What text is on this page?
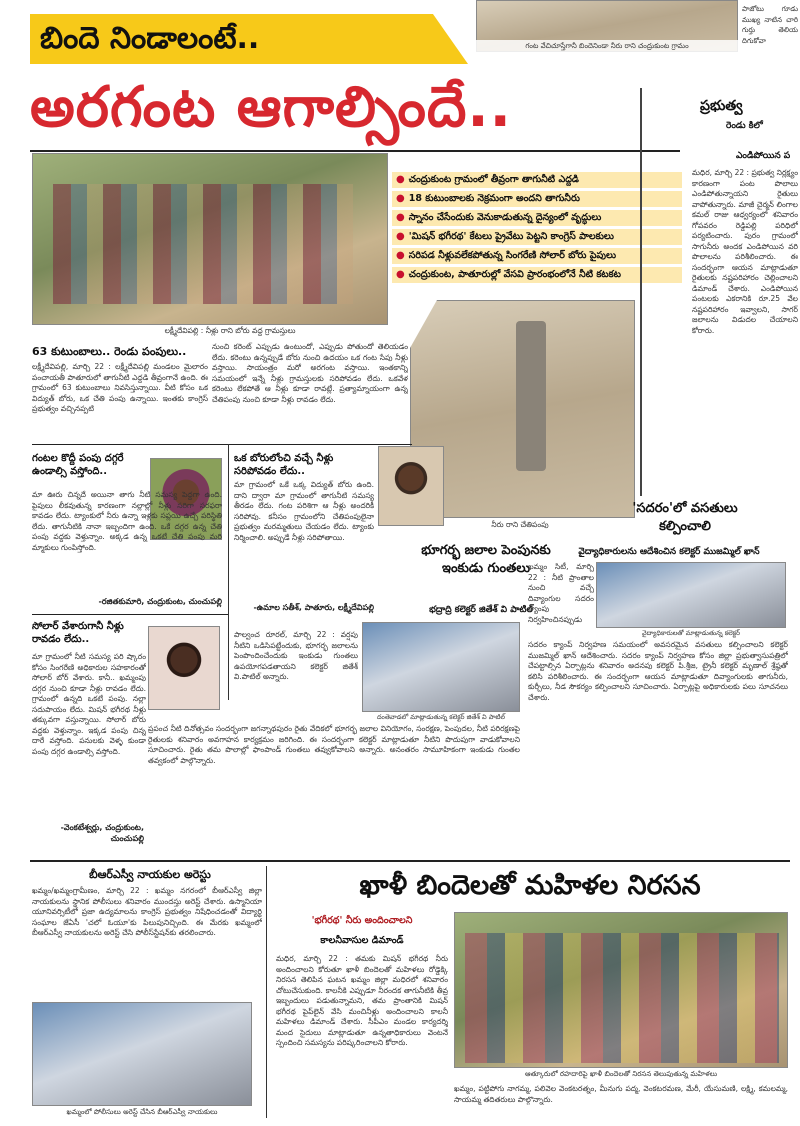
బిందె నిండాలంటే..	గంట వేచిచూస్తేగానీ బిందెనిండా నీరు రాని చంద్రుకుంట గ్రామం
పాజోటు గూడు ముఖ్య నాటిన చారి గుర్తు తెలియ దిగుకోవా
అరగంట ఆగాల్సిందే..
లక్ష్మీదేవిపల్లి : నీళ్లు రాని బోరు వద్ద గ్రామస్తులు
● చంద్రుకుంట గ్రామంలో తీవ్రంగా తాగునీటి ఎద్దడి
● 18 కుటుంబాలకు నెక్రమంగా అందని తాగునీరు
● స్నానం చేసేందుకు వెనుకాడుతున్న దైన్యంలో వృద్ధులు
● 'మిషన్ భగీరథ' కేటలు ప్రైవేటు పెట్టని కాంగ్రెస్ పాలకులు
● సరిపడ నీళ్లువలేకపోతున్న సింగరేణి సోలార్ బోరు పైపులు
● చంద్రుకుంట, పాతూరుల్లో వేసవి ప్రారంభంలోనే నీటి కటకట
63 కుటుంబాలు.. రెండు పంపులు..
లక్ష్మీదేవిపల్లి, మార్చి 22 : లక్ష్మీదేవిపల్లి మండలం మైలారం పంచాయతీ పాతూరులో తాగునీటి ఎద్దడి తీవ్రంగానే ఉంది. ఈ గ్రామంలో 63 కుటుంబాలు నివసిస్తున్నాయి. వీటి కోసం ఒక విద్యుత్ బోరు, ఒక చేతి పంపు ఉన్నాయి. ఇంతకు కాంగ్రెస్ ప్రభుత్వం వచ్చినప్పటి
నుంచి కరెంట్ ఎప్పుడు ఉంటుందో, ఎప్పుడు పోతుందో తెలియడం లేదు. కరెంటు ఉన్నప్పుడే బోరు నుంచి ఉదయం ఒక గంట సేపు నీళ్లు వస్తాయి. సాయంత్రం మరో అరగంట వస్తాయి. ఇంతకాన్ని సమయంలో ఇన్నే నీళ్లు గ్రామస్తులకు సరిపోవడం లేదు. ఒకవేళ కరెంటు లేకపోతే ఆ నీళ్లు కూడా రావట్లే. ప్రత్యామ్నాయంగా ఉన్న చేతిపంపు నుంచి కూడా నీళ్లు రావడం లేదు.
నీరు రాని చేతిపంపు
గంటల కొద్దీ పంపు దగ్గరే ఉండాల్సి వస్తోంది..
మా ఊరు చిన్నదే అయినా తాగు నీటి సమస్య పెద్దగా ఉంది. పైపులు లీకవుతున్న కారణంగా నల్లాల్లో నీళ్లు సరిగా సరఫరా కావడం లేదు. ట్యాంకులో నీరు ఉన్నా ఇళ్లకు సప్లయి ఉచ్చే పరిస్థితి లేదు. తాగునీటికి నానా ఇబ్బందిగా ఉంది. ఒకే దగ్గర ఉన్న చేతి పంపు వద్దకు వెళ్తున్నాం. అక్కడ ఉన్న ఒకటే చేతి పంపు మరి మ్మాకులు గుంపిస్తోంది.
-రజితకుమారి, చంద్రుకుంట, చుంచుపల్లి
ఒక బోరులోంచి వచ్చే నీళ్లు సరిపోవడం లేదు..
మా గ్రామంలో ఒకే ఒక్క విద్యుత్ బోరు ఉంది. దాని ద్వారా మా గ్రామంలో తాగునీటి సమస్య తీరడం లేదు. గంట పరిశిగా ఆ నీళ్లు అందరికీ సరిపోవు. కనీసం గ్రామంలోని చేతిపంపులైనా ప్రభుత్వం మరమ్మతులు చేయడం లేదు. ట్యాంకు నిర్మించాలి. అప్పుడే నీళ్లు సరిపోతాయి.
-ఉమాల సతీశ్, పాతూరు, లక్ష్మీదేవిపల్లి
సోలార్ వేశారుగానీ నీళ్లు రావడం లేదు..
మా గ్రామంలో నీటి సమస్య పరి ష్కారం కోసం సింగరేణి అధికారుల సహకారంతో సోలార్ బోర్ వేశారు. కానీ.. ఖమ్మంపు దగ్గర నుంచి కూడా నీళ్లు రావడం లేదు. గ్రామంలో ఉన్నది ఒకటే పంపు. నల్లా సదుపాయం లేదు. మిషన్ భగీరథ నీళ్లు తక్కువగా వస్తున్నాయి. సోలార్ బోరు వద్దకు వెళ్తున్నాం. ఇక్కడ పంపు చిన్న దారే వస్తోంది. పనులకు వెళ్ళ కుండా పంపు దగ్గర ఉండాల్సి వస్తోంది.
-వెంకటేశ్వర్లు, చంద్రుకుంట, చుంచుపల్లి
భూగర్భ జలాల పెంపునకు ఇంకుడు గుంతలు
భద్రాద్రి కలెక్టర్ జితేశ్ వి పాటిల్
దంతెవాడలో మాట్లాడుతున్న కలెక్టర్ జితేశ్ వి పాటిల్
పాల్వంచ రూరల్, మార్చి 22 : వర్షపు నీటిని ఒడిసిపట్టేందుకు, భూగర్భ జలాలను పెంపొందించేందుకు ఇంకుడు గుంతలు ఉపయోగపడతాయని కలెక్టర్ జితేశ్ వి.పాటిల్ అన్నారు.
ప్రపంచ నీటి దినోత్సవం సందర్భంగా జగన్నాథపురం రైతు వేదికలో భూగర్భ జలాల వినియోగం, సంరక్షణ, పెంపుదల, నీటి పరిరక్షణపై రైతులకు శనివారం అవగాహన కార్యక్రమం జరిగింది. ఈ సందర్భంగా కలెక్టర్ మాట్లాడుతూ నీటిని పొదుపుగా వాడుకోవాలని సూచించారు. రైతు తమ పొలాల్లో ఫాంపాండ్ గుంతలు తవ్వుకోవాలని అన్నారు. అనంతరం సామూహికంగా ఇంకుడు గుంతల తవ్వకంలో పాల్గొన్నారు.
'సదరం'లో వసతులు కల్పించాలి
వైద్యాధికారులను ఆదేశించిన కలెక్టర్ ముజమ్మిల్ ఖాన్
ఖమ్మం సిటీ, మార్చి 22 : నీటి ప్రాంతాల నుంచి వచ్చే దివ్యాంగుల సదరం క్యాంపు నిర్వహించినప్పుడు
వైద్యాధికారులతో మాట్లాడుతున్న కలెక్టర్
సదరం క్యాంప్ నిర్వహణ సమయంలో అవసరమైన వసతులు కల్పించాలని కలెక్టర్ ముజమ్మిల్ ఖాన్ ఆదేశించారు. సదరం క్యాంప్ నిర్వహణ కోసం జిల్లా ప్రభుత్వాసుపత్రిలో చేపట్టాల్సిన ఏర్పాట్లను శనివారం అదనపు కలెక్టర్ పి.శ్రీజ, ట్రైనీ కలెక్టర్ మృణాల్ శ్రేష్ఠతో కలిసి పరిశీలించారు. ఈ సందర్భంగా ఆయన మాట్లాడుతూ దివ్యాంగులకు తాగునీరు, కుర్చీలు, నీడ సౌకర్యం కల్పించాలని సూచించారు. ఏర్పాట్లపై అధికారులకు పలు సూచనలు చేశారు.
ప్రభుత్వ
రెండు కిలో
ఎండిపోయిన ప
మధిర, మార్చి 22 : ప్రభుత్వ నిర్లక్ష్యం కారణంగా పంట పొలాలు ఎండిపోతున్నాయని రైతులు వాపోతున్నారు. మాజీ చైర్మన్ లింగాల కమల్ రాజు ఆధ్వర్యంలో శనివారం గోపవరం రెడ్డిపల్లి పరిధిలో పర్యటించారు. పురం గ్రామంలో సాగునీరు అందక ఎండిపోయిన వరి పొలాలను పరిశీలించారు. ఈ సందర్భంగా ఆయన మాట్లాడుతూ రైతులకు నష్టపరిహారం చెల్లించాలని డిమాండ్ చేశారు. ఎండిపోయిన పంటలకు ఎకరానికి రూ.25 వేల నష్టపరిహారం ఇవ్వాలని, సాగర్ జలాలను విడుదల చేయాలని కోరారు.
బీఆర్ఎస్వీ నాయకుల అరెస్టు
ఖమ్మం/ఖమ్మంగ్రామీణం, మార్చి 22 : ఖమ్మం నగరంలో బీఆర్ఎస్వీ జిల్లా నాయకులను స్థానిక పోలీసులు శనివారం ముందస్తు అరెస్ట్ చేశారు. ఉస్మానియా యూనివర్సిటీలో ప్రజా ఉద్యమాలను కాంగ్రెస్ ప్రభుత్వం నిషేధించడంతో విద్యార్థి సంఘాల జేఏసీ 'చలో ఓయూ'కు పిలుపునిచ్చింది. ఈ మేరకు ఖమ్మంలో బీఆర్ఎస్వీ నాయకులను అరెస్ట్ చేసి పోలీస్‌స్టేషన్‌కు తరలించారు.
ఖమ్మంలో పోలీసులు అరెస్ట్ చేసిన బీఆర్ఎస్వీ నాయకులు
ఖాళీ బిందెలతో మహిళల నిరసన
'భగీరథ' నీరు అందించాలని
కాలనీవాసుల డిమాండ్
మధిర, మార్చి 22 : తమకు మిషన్ భగీరథ నీరు అందించాలని కోరుతూ ఖాళీ బిందెలతో మహిళలు రోడ్డెక్కి నిరసన తెలిపిన ఘటన ఖమ్మం జిల్లా మధిరలో శనివారం చోటుచేసుకుంది. కాలనీకి ఎప్పుడూ నీరందక తాగునీటికి తీవ్ర ఇబ్బందులు పడుతున్నామని, తమ ప్రాంతానికి మిషన్ భగీరథ పైప్‌లైన్ వేసి మంచినీళ్లు అందించాలని కాలనీ మహిళలు డిమాండ్ చేశారు. సీపీఎం మండల కార్యదర్శి మంద సైదులు మాట్లాడుతూ ఉన్నతాధికారులు వెంటనే స్పందించి సమస్యను పరిష్కరించాలని కోరారు.
ఆత్కూరులో రహదారిపై ఖాళీ బిందెలతో నిరసన తెలుపుతున్న మహిళలు
ఖమ్మం, పట్టిపోగు నాగమ్మ, పలివెల వెంకటరత్నం, మీనుగు పద్మ, వెంకటరమణ, మేరీ, యేసుమణి, లక్ష్మి, కమలమ్మ, సాయమ్మ తదితరులు పాల్గొన్నారు.
